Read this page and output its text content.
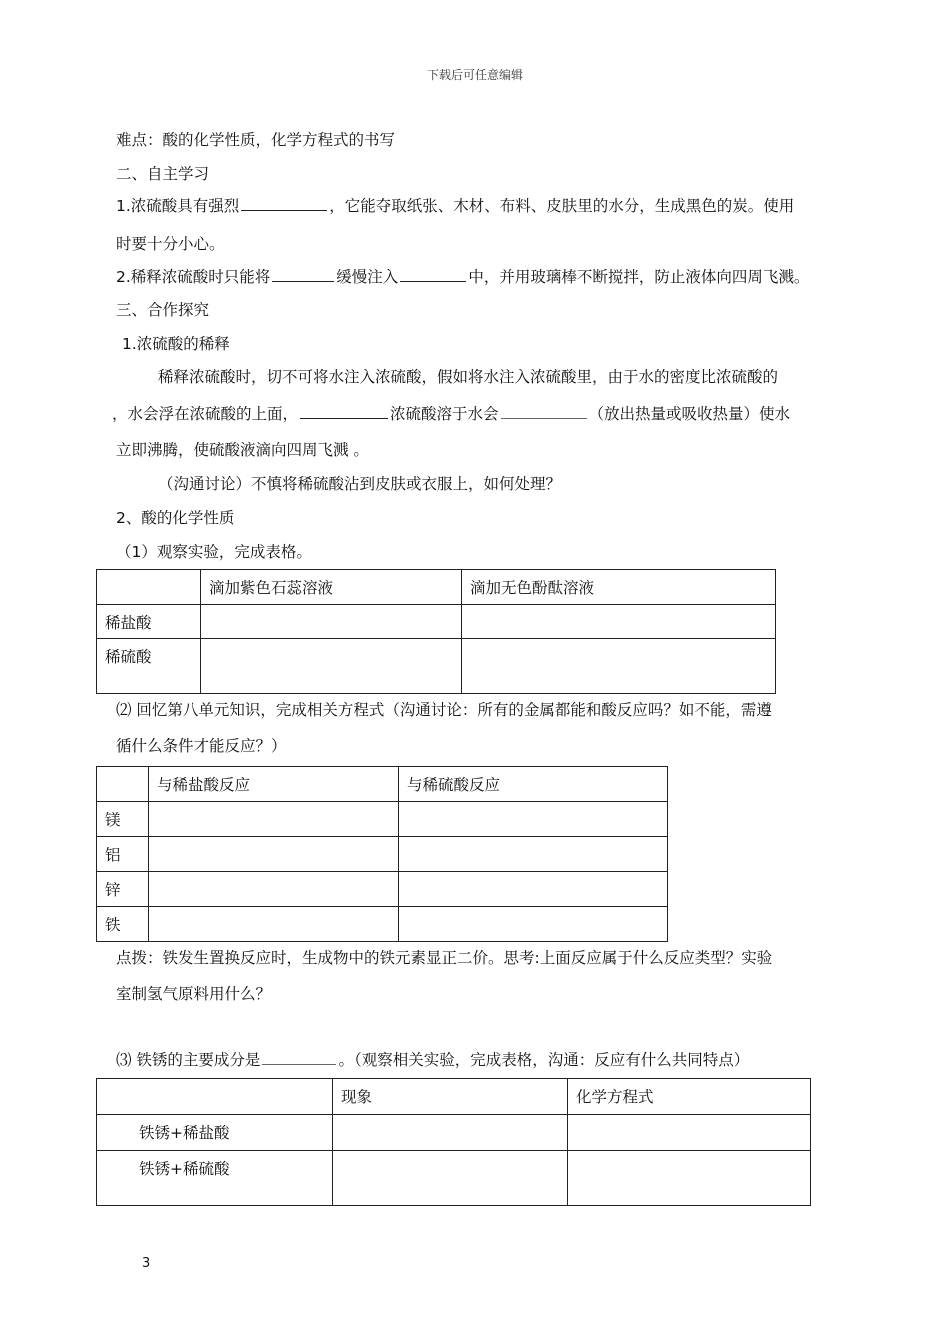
下载后可任意编辑
难点：酸的化学性质，化学方程式的书写
二、自主学习
1.浓硫酸具有强烈	，它能夺取纸张、木材、布料、皮肤里的水分，生成黑色的炭。使用
时要十分小心。
2.稀释浓硫酸时只能将	缓慢注入	中，并用玻璃棒不断搅拌，防止液体向四周飞溅。
三、合作探究
1.浓硫酸的稀释
稀释浓硫酸时，切不可将水注入浓硫酸，假如将水注入浓硫酸里，由于水的密度比浓硫酸的
，水会浮在浓硫酸的上面，	浓硫酸溶于水会	（放出热量或吸收热量）使水
立即沸腾，使硫酸液滴向四周飞溅 。
（沟通讨论）不慎将稀硫酸沾到皮肤或衣服上，如何处理？
2、酸的化学性质
（1）观察实验，完成表格。
	滴加紫色石蕊溶液	滴加无色酚酞溶液
稀盐酸		
稀硫酸		
⑵ 回忆第八单元知识，完成相关方程式（沟通讨论：所有的金属都能和酸反应吗？如不能，需遵
循什么条件才能反应？）
	与稀盐酸反应	与稀硫酸反应
镁		
铝		
锌		
铁		
点拨：铁发生置换反应时，生成物中的铁元素显正二价。思考:上面反应属于什么反应类型？实验
室制氢气原料用什么？
⑶ 铁锈的主要成分是	。（观察相关实验，完成表格，沟通：反应有什么共同特点）
	现象	化学方程式
铁锈+稀盐酸		
铁锈+稀硫酸		
3
